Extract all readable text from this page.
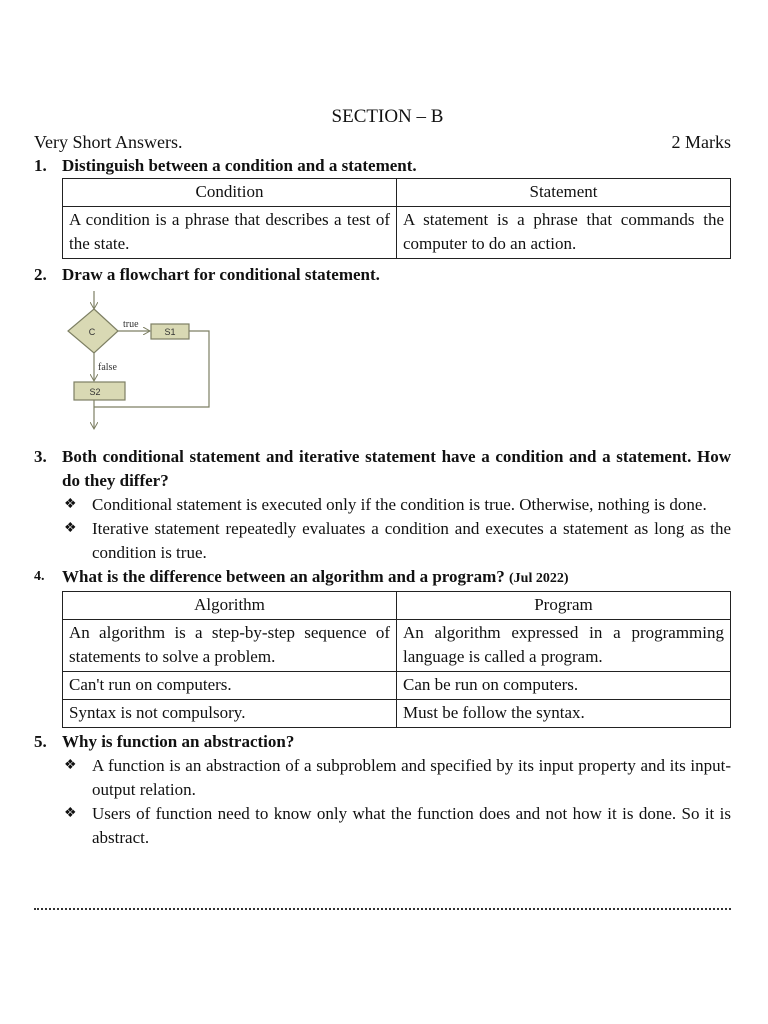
SECTION – B
Very Short Answers.	2 Marks
1. Distinguish between a condition and a statement.
Condition	Statement
A condition is a phrase that describes a test of the state.	A statement is a phrase that commands the computer to do an action.
2. Draw a flowchart for conditional statement.
C
true
S1
false
S2
3. Both conditional statement and iterative statement have a condition and a statement. How do they differ?
❖ Conditional statement is executed only if the condition is true. Otherwise, nothing is done.
❖ Iterative statement repeatedly evaluates a condition and executes a statement as long as the condition is true.
4.	What is the difference between an algorithm and a program? (Jul 2022)
Algorithm	Program
An algorithm is a step-by-step sequence of statements to solve a problem.	An algorithm expressed in a programming language is called a program.
Can't run on computers.	Can be run on computers.
Syntax is not compulsory.	Must be follow the syntax.
5. Why is function an abstraction?
❖ A function is an abstraction of a subproblem and specified by its input property and its input-output relation.
❖ Users of function need to know only what the function does and not how it is done. So it is abstract.
